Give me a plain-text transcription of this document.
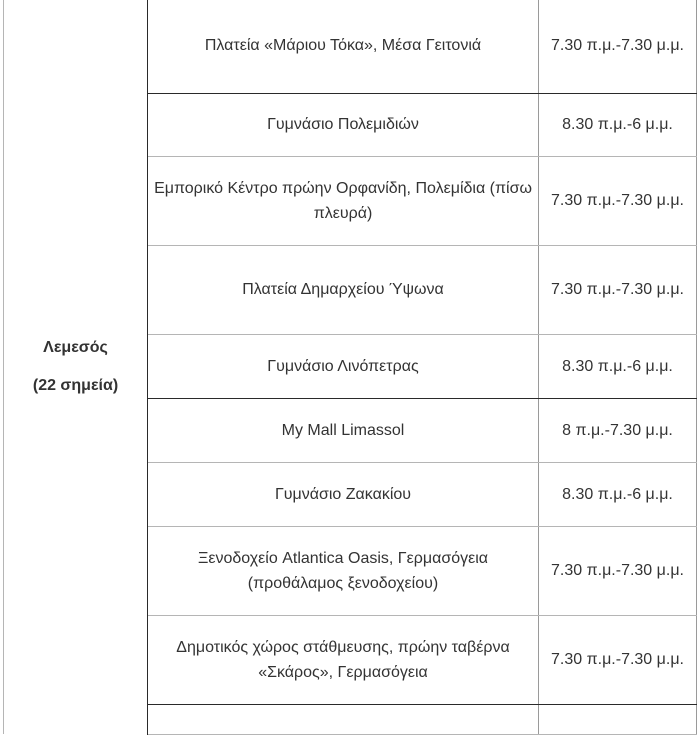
Λεμεσός
(22 σημεία)	Πλατεία «Μάριου Τόκα», Μέσα Γειτονιά	7.30 π.μ.-7.30 μ.μ.
	Γυμνάσιο Πολεμιδιών	8.30 π.μ.-6 μ.μ.
	Εμπορικό Κέντρο πρώην Ορφανίδη, Πολεμίδια (πίσω πλευρά)	7.30 π.μ.-7.30 μ.μ.
	Πλατεία Δημαρχείου Ύψωνα	7.30 π.μ.-7.30 μ.μ.
	Γυμνάσιο Λινόπετρας	8.30 π.μ.-6 μ.μ.
	My Mall Limassol	8 π.μ.-7.30 μ.μ.
	Γυμνάσιο Ζακακίου	8.30 π.μ.-6 μ.μ.
	Ξενοδοχείο Atlantica Oasis, Γερμασόγεια (προθάλαμος ξενοδοχείου)	7.30 π.μ.-7.30 μ.μ.
	Δημοτικός χώρος στάθμευσης, πρώην ταβέρνα «Σκάρος», Γερμασόγεια	7.30 π.μ.-7.30 μ.μ.
